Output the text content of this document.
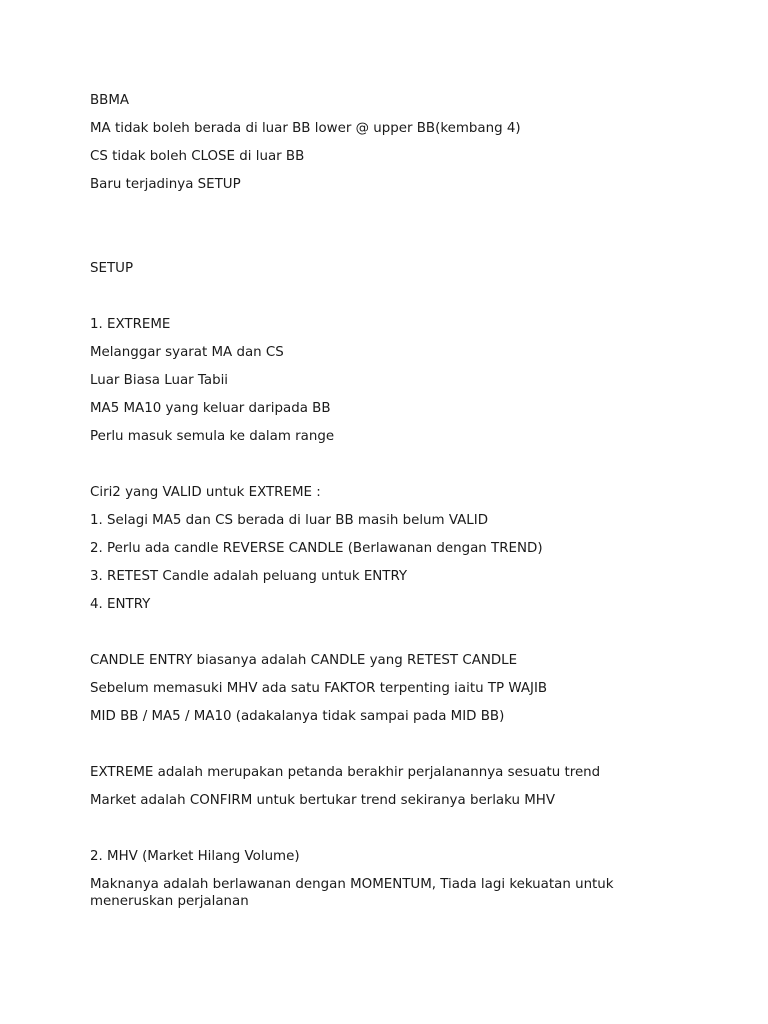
BBMA
MA tidak boleh berada di luar BB lower @ upper BB(kembang 4)
CS tidak boleh CLOSE di luar BB
Baru terjadinya SETUP
SETUP
1. EXTREME
Melanggar syarat MA dan CS
Luar Biasa Luar Tabii
MA5 MA10 yang keluar daripada BB
Perlu masuk semula ke dalam range
Ciri2 yang VALID untuk EXTREME :
1. Selagi MA5 dan CS berada di luar BB masih belum VALID
2. Perlu ada candle REVERSE CANDLE (Berlawanan dengan TREND)
3. RETEST Candle adalah peluang untuk ENTRY
4. ENTRY
CANDLE ENTRY biasanya adalah CANDLE yang RETEST CANDLE
Sebelum memasuki MHV ada satu FAKTOR terpenting iaitu TP WAJIB
MID BB / MA5 / MA10 (adakalanya tidak sampai pada MID BB)
EXTREME adalah merupakan petanda berakhir perjalanannya sesuatu trend
Market adalah CONFIRM untuk bertukar trend sekiranya berlaku MHV
2. MHV (Market Hilang Volume)
Maknanya adalah berlawanan dengan MOMENTUM, Tiada lagi kekuatan untuk meneruskan perjalanan
